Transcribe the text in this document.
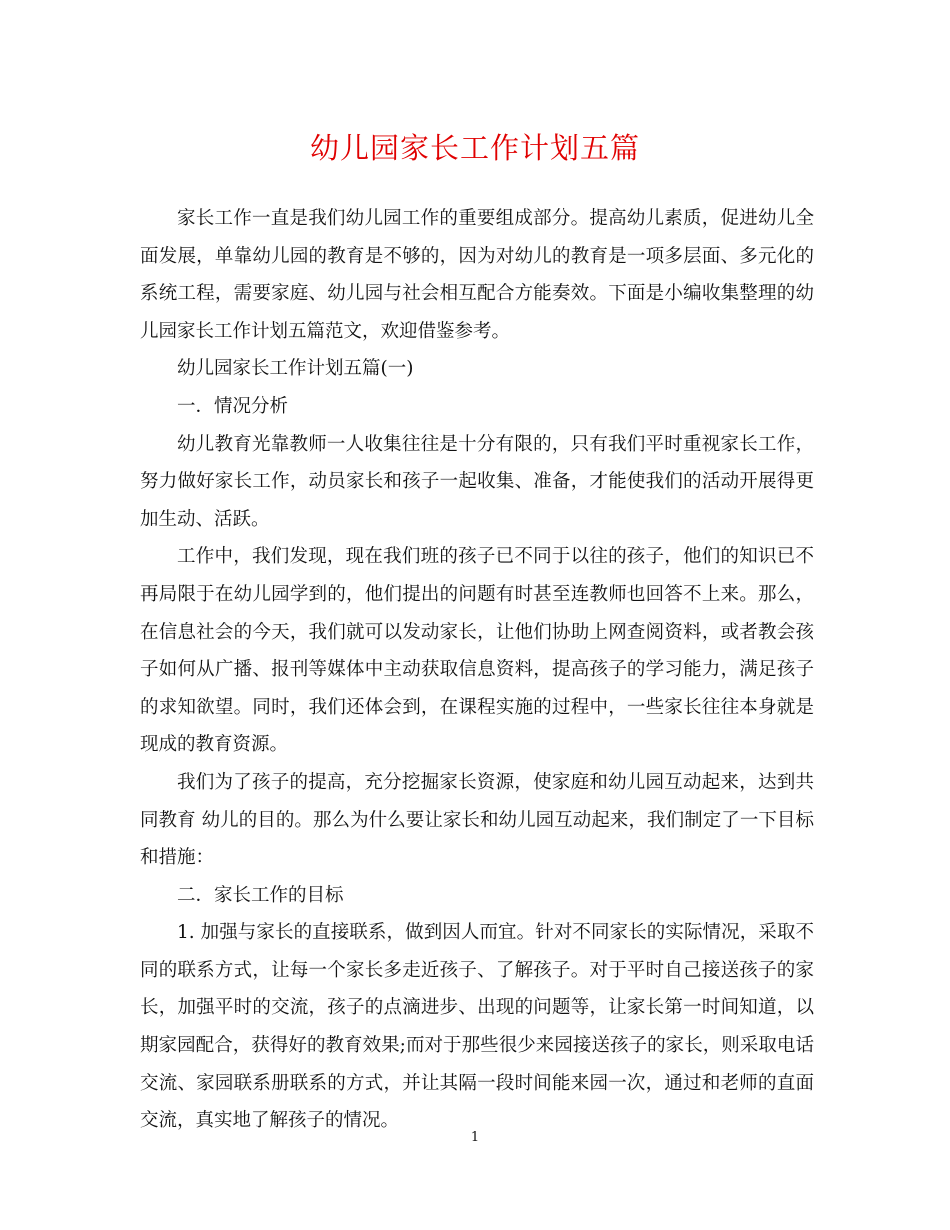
幼儿园家长工作计划五篇

家长工作一直是我们幼儿园工作的重要组成部分。提高幼儿素质，促进幼儿全面发展，单靠幼儿园的教育是不够的，因为对幼儿的教育是一项多层面、多元化的系统工程，需要家庭、幼儿园与社会相互配合方能奏效。下面是小编收集整理的幼儿园家长工作计划五篇范文，欢迎借鉴参考。

幼儿园家长工作计划五篇(一)

一．情况分析

幼儿教育光靠教师一人收集往往是十分有限的，只有我们平时重视家长工作，努力做好家长工作，动员家长和孩子一起收集、准备，才能使我们的活动开展得更加生动、活跃。

工作中，我们发现，现在我们班的孩子已不同于以往的孩子，他们的知识已不再局限于在幼儿园学到的，他们提出的问题有时甚至连教师也回答不上来。那么，在信息社会的今天，我们就可以发动家长，让他们协助上网查阅资料，或者教会孩子如何从广播、报刊等媒体中主动获取信息资料，提高孩子的学习能力，满足孩子的求知欲望。同时，我们还体会到，在课程实施的过程中，一些家长往往本身就是现成的教育资源。

我们为了孩子的提高，充分挖掘家长资源，使家庭和幼儿园互动起来，达到共同教育 幼儿的目的。那么为什么要让家长和幼儿园互动起来，我们制定了一下目标和措施：

二．家长工作的目标

1. 加强与家长的直接联系，做到因人而宜。针对不同家长的实际情况，采取不同的联系方式，让每一个家长多走近孩子、了解孩子。对于平时自己接送孩子的家长，加强平时的交流，孩子的点滴进步、出现的问题等，让家长第一时间知道，以期家园配合，获得好的教育效果;而对于那些很少来园接送孩子的家长，则采取电话交流、家园联系册联系的方式，并让其隔一段时间能来园一次，通过和老师的直面交流，真实地了解孩子的情况。

1
